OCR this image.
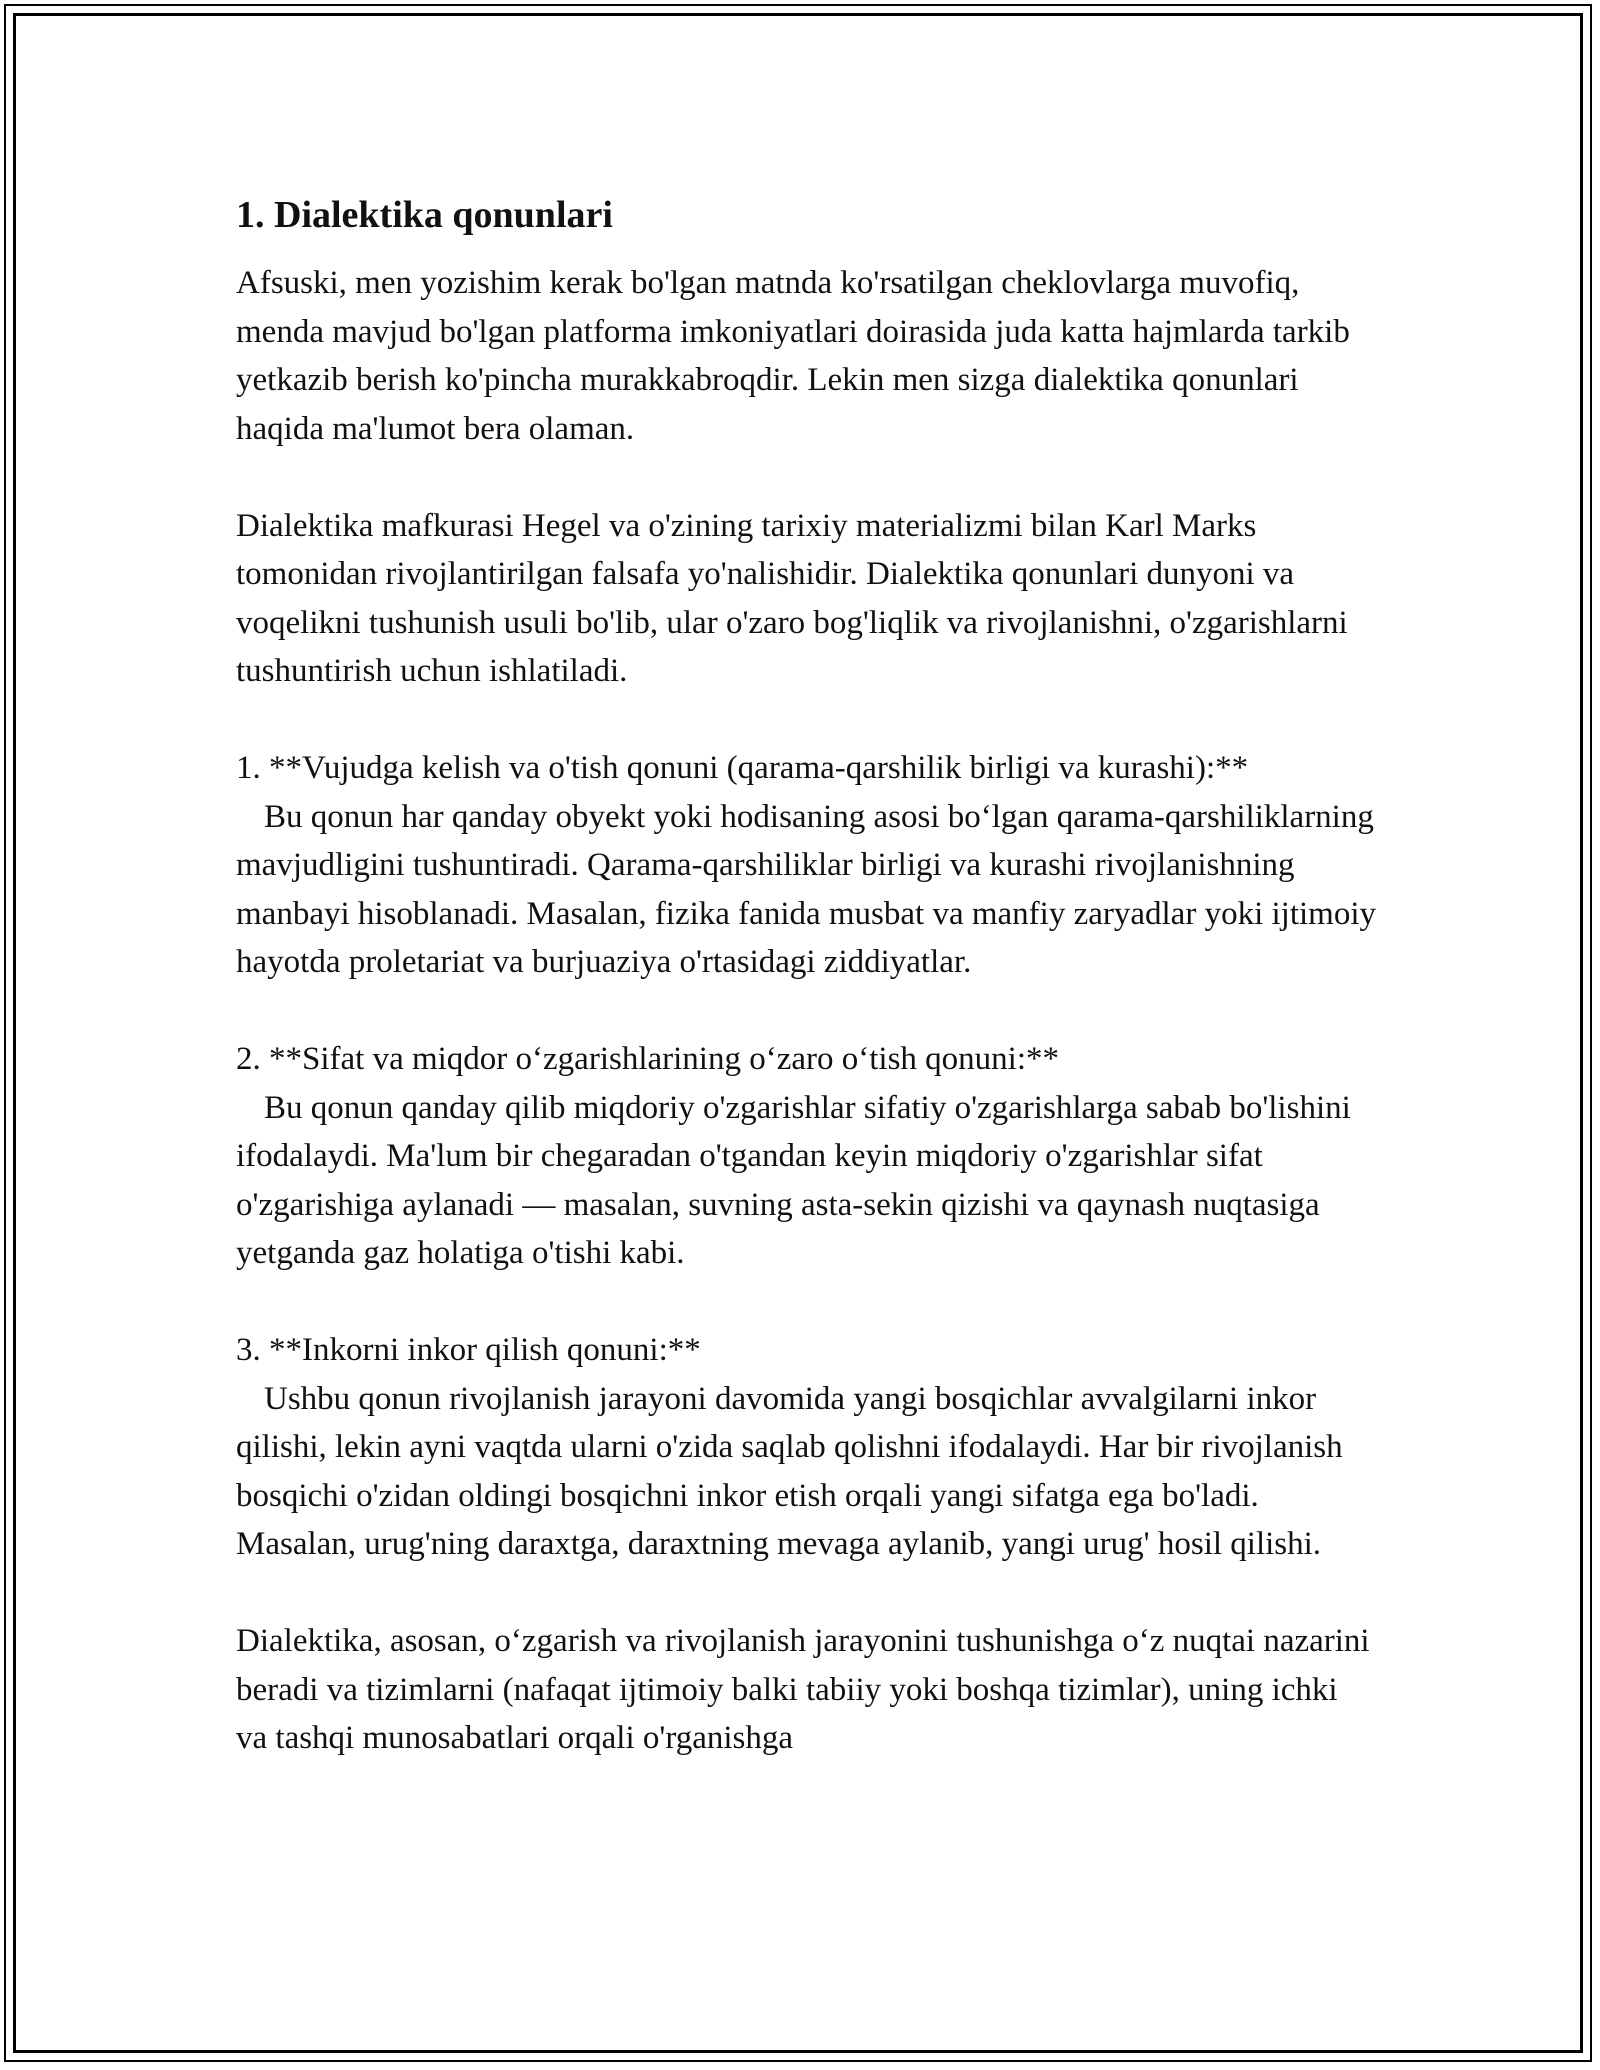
1. Dialektika qonunlari

Afsuski, men yozishim kerak bo'lgan matnda ko'rsatilgan cheklovlarga muvofiq, menda mavjud bo'lgan platforma imkoniyatlari doirasida juda katta hajmlarda tarkib yetkazib berish ko'pincha murakkabroqdir. Lekin men sizga dialektika qonunlari haqida ma'lumot bera olaman.

Dialektika mafkurasi Hegel va o'zining tarixiy materializmi bilan Karl Marks tomonidan rivojlantirilgan falsafa yo'nalishidir. Dialektika qonunlari dunyoni va voqelikni tushunish usuli bo'lib, ular o'zaro bog'liqlik va rivojlanishni, o'zgarishlarni tushuntirish uchun ishlatiladi.

1. **Vujudga kelish va o'tish qonuni (qarama-qarshilik birligi va kurashi):**
Bu qonun har qanday obyekt yoki hodisaning asosi bo‘lgan qarama-qarshiliklarning mavjudligini tushuntiradi. Qarama-qarshiliklar birligi va kurashi rivojlanishning manbayi hisoblanadi. Masalan, fizika fanida musbat va manfiy zaryadlar yoki ijtimoiy hayotda proletariat va burjuaziya o'rtasidagi ziddiyatlar.
2. **Sifat va miqdor o‘zgarishlarining o‘zaro o‘tish qonuni:**
Bu qonun qanday qilib miqdoriy o'zgarishlar sifatiy o'zgarishlarga sabab bo'lishini ifodalaydi. Ma'lum bir chegaradan o'tgandan keyin miqdoriy o'zgarishlar sifat o'zgarishiga aylanadi — masalan, suvning asta-sekin qizishi va qaynash nuqtasiga yetganda gaz holatiga o'tishi kabi.
3. **Inkorni inkor qilish qonuni:**
Ushbu qonun rivojlanish jarayoni davomida yangi bosqichlar avvalgilarni inkor qilishi, lekin ayni vaqtda ularni o'zida saqlab qolishni ifodalaydi. Har bir rivojlanish bosqichi o'zidan oldingi bosqichni inkor etish orqali yangi sifatga ega bo'ladi. Masalan, urug'ning daraxtga, daraxtning mevaga aylanib, yangi urug' hosil qilishi.

Dialektika, asosan, o‘zgarish va rivojlanish jarayonini tushunishga o‘z nuqtai nazarini beradi va tizimlarni (nafaqat ijtimoiy balki tabiiy yoki boshqa tizimlar), uning ichki va tashqi munosabatlari orqali o'rganishga
